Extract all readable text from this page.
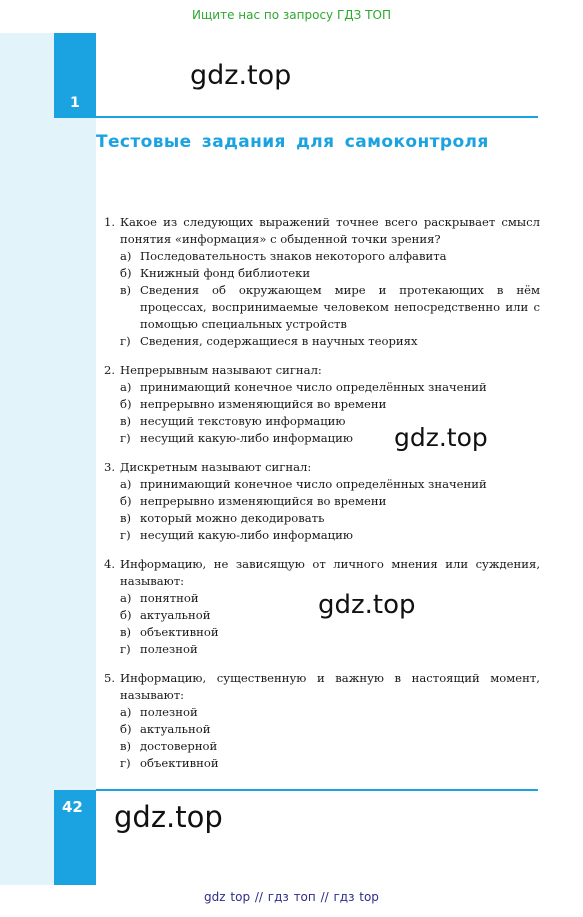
Ищите нас по запросу ГДЗ ТОП
1
42
Тестовые задания для самоконтроля
gdz.top
gdz.top
gdz.top
gdz.top
1. Какое из следующих выражений точнее всего раскрывает смысл понятия «информация» с обыденной точки зрения?
а) Последовательность знаков некоторого алфавита
б) Книжный фонд библиотеки
в) Сведения об окружающем мире и протекающих в нём процессах, воспринимаемые человеком непосредственно или с помощью специальных устройств
г) Сведения, содержащиеся в научных теориях
2. Непрерывным называют сигнал:
а) принимающий конечное число определённых значений
б) непрерывно изменяющийся во времени
в) несущий текстовую информацию
г) несущий какую-либо информацию
3. Дискретным называют сигнал:
а) принимающий конечное число определённых значений
б) непрерывно изменяющийся во времени
в) который можно декодировать
г) несущий какую-либо информацию
4. Информацию, не зависящую от личного мнения или суждения, называют:
а) понятной
б) актуальной
в) объективной
г) полезной
5. Информацию, существенную и важную в настоящий момент, называют:
а) полезной
б) актуальной
в) достоверной
г) объективной
gdz top // гдз топ // гдз top
